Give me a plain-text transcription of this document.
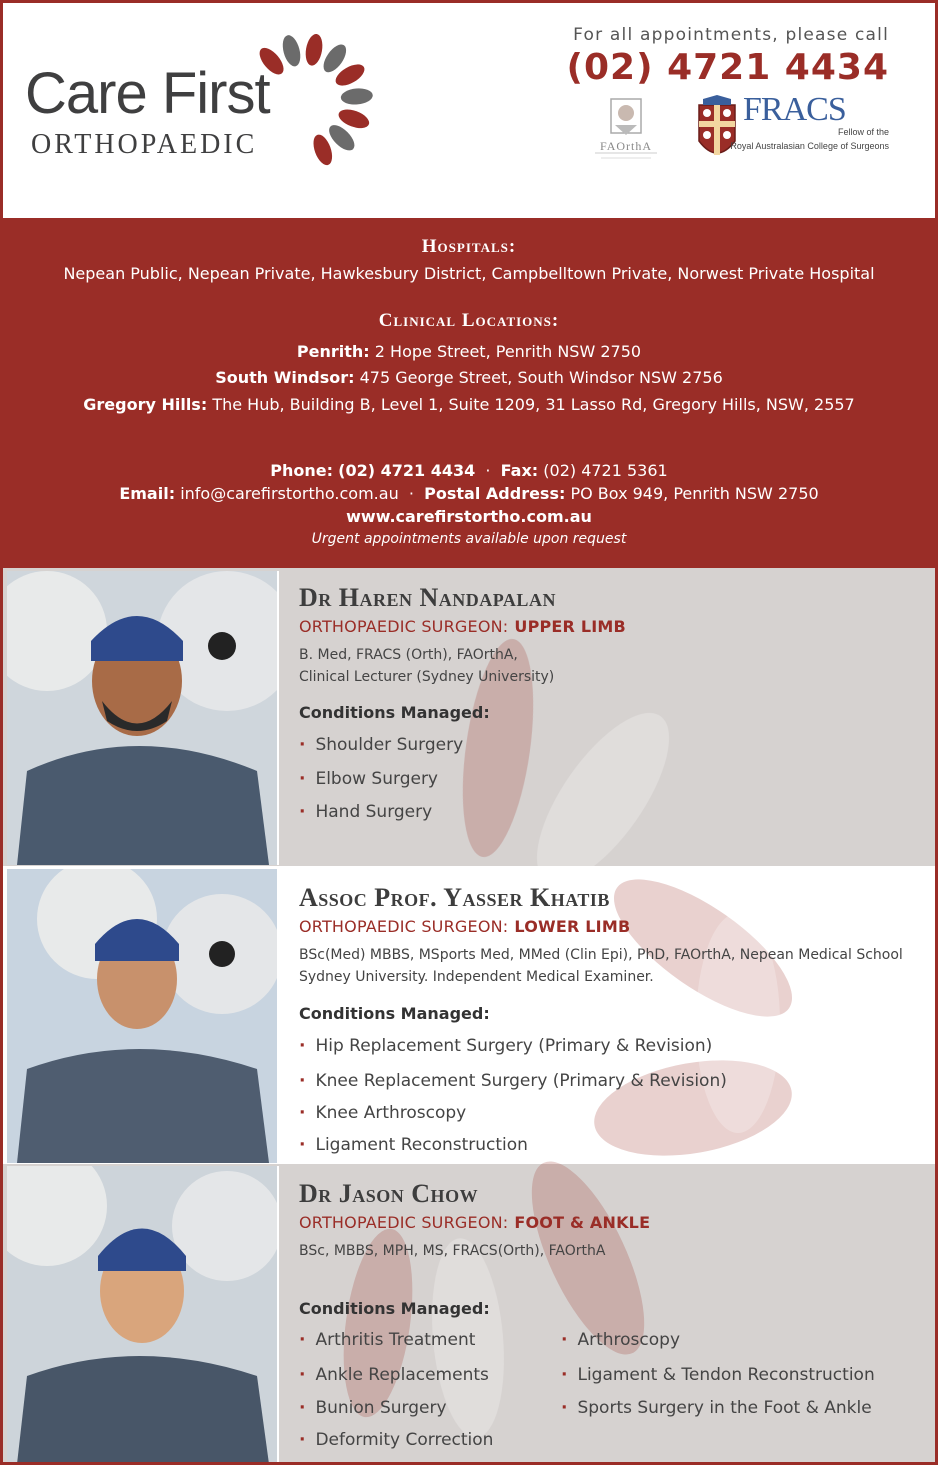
Care First
ORTHOPAEDIC
For all appointments, please call
(02) 4721 4434
FAOrthA
FRACS
Fellow of the
Royal Australasian College of Surgeons
Hospitals:
Nepean Public, Nepean Private, Hawkesbury District, Campbelltown Private, Norwest Private Hospital
Clinical Locations:
Penrith: 2 Hope Street, Penrith NSW 2750
South Windsor: 475 George Street, South Windsor NSW 2756
Gregory Hills: The Hub, Building B, Level 1, Suite 1209, 31 Lasso Rd, Gregory Hills, NSW, 2557
Phone: (02) 4721 4434 · Fax: (02) 4721 5361
Email: info@carefirstortho.com.au · Postal Address: PO Box 949, Penrith NSW 2750
www.carefirstortho.com.au
Urgent appointments available upon request
Dr Haren Nandapalan
ORTHOPAEDIC SURGEON: UPPER LIMB
B. Med, FRACS (Orth), FAOrthA,
Clinical Lecturer (Sydney University)
Conditions Managed:
· Shoulder Surgery
· Elbow Surgery
· Hand Surgery
Assoc Prof. Yasser Khatib
ORTHOPAEDIC SURGEON: LOWER LIMB
BSc(Med) MBBS, MSports Med, MMed (Clin Epi), PhD, FAOrthA, Nepean Medical School
Sydney University. Independent Medical Examiner.
Conditions Managed:
· Hip Replacement Surgery (Primary & Revision)
· Knee Replacement Surgery (Primary & Revision)
· Knee Arthroscopy
· Ligament Reconstruction
Dr Jason Chow
ORTHOPAEDIC SURGEON: FOOT & ANKLE
BSc, MBBS, MPH, MS, FRACS(Orth), FAOrthA
Conditions Managed:
· Arthritis Treatment
· Ankle Replacements
· Bunion Surgery
· Deformity Correction
· Arthroscopy
· Ligament & Tendon Reconstruction
· Sports Surgery in the Foot & Ankle
